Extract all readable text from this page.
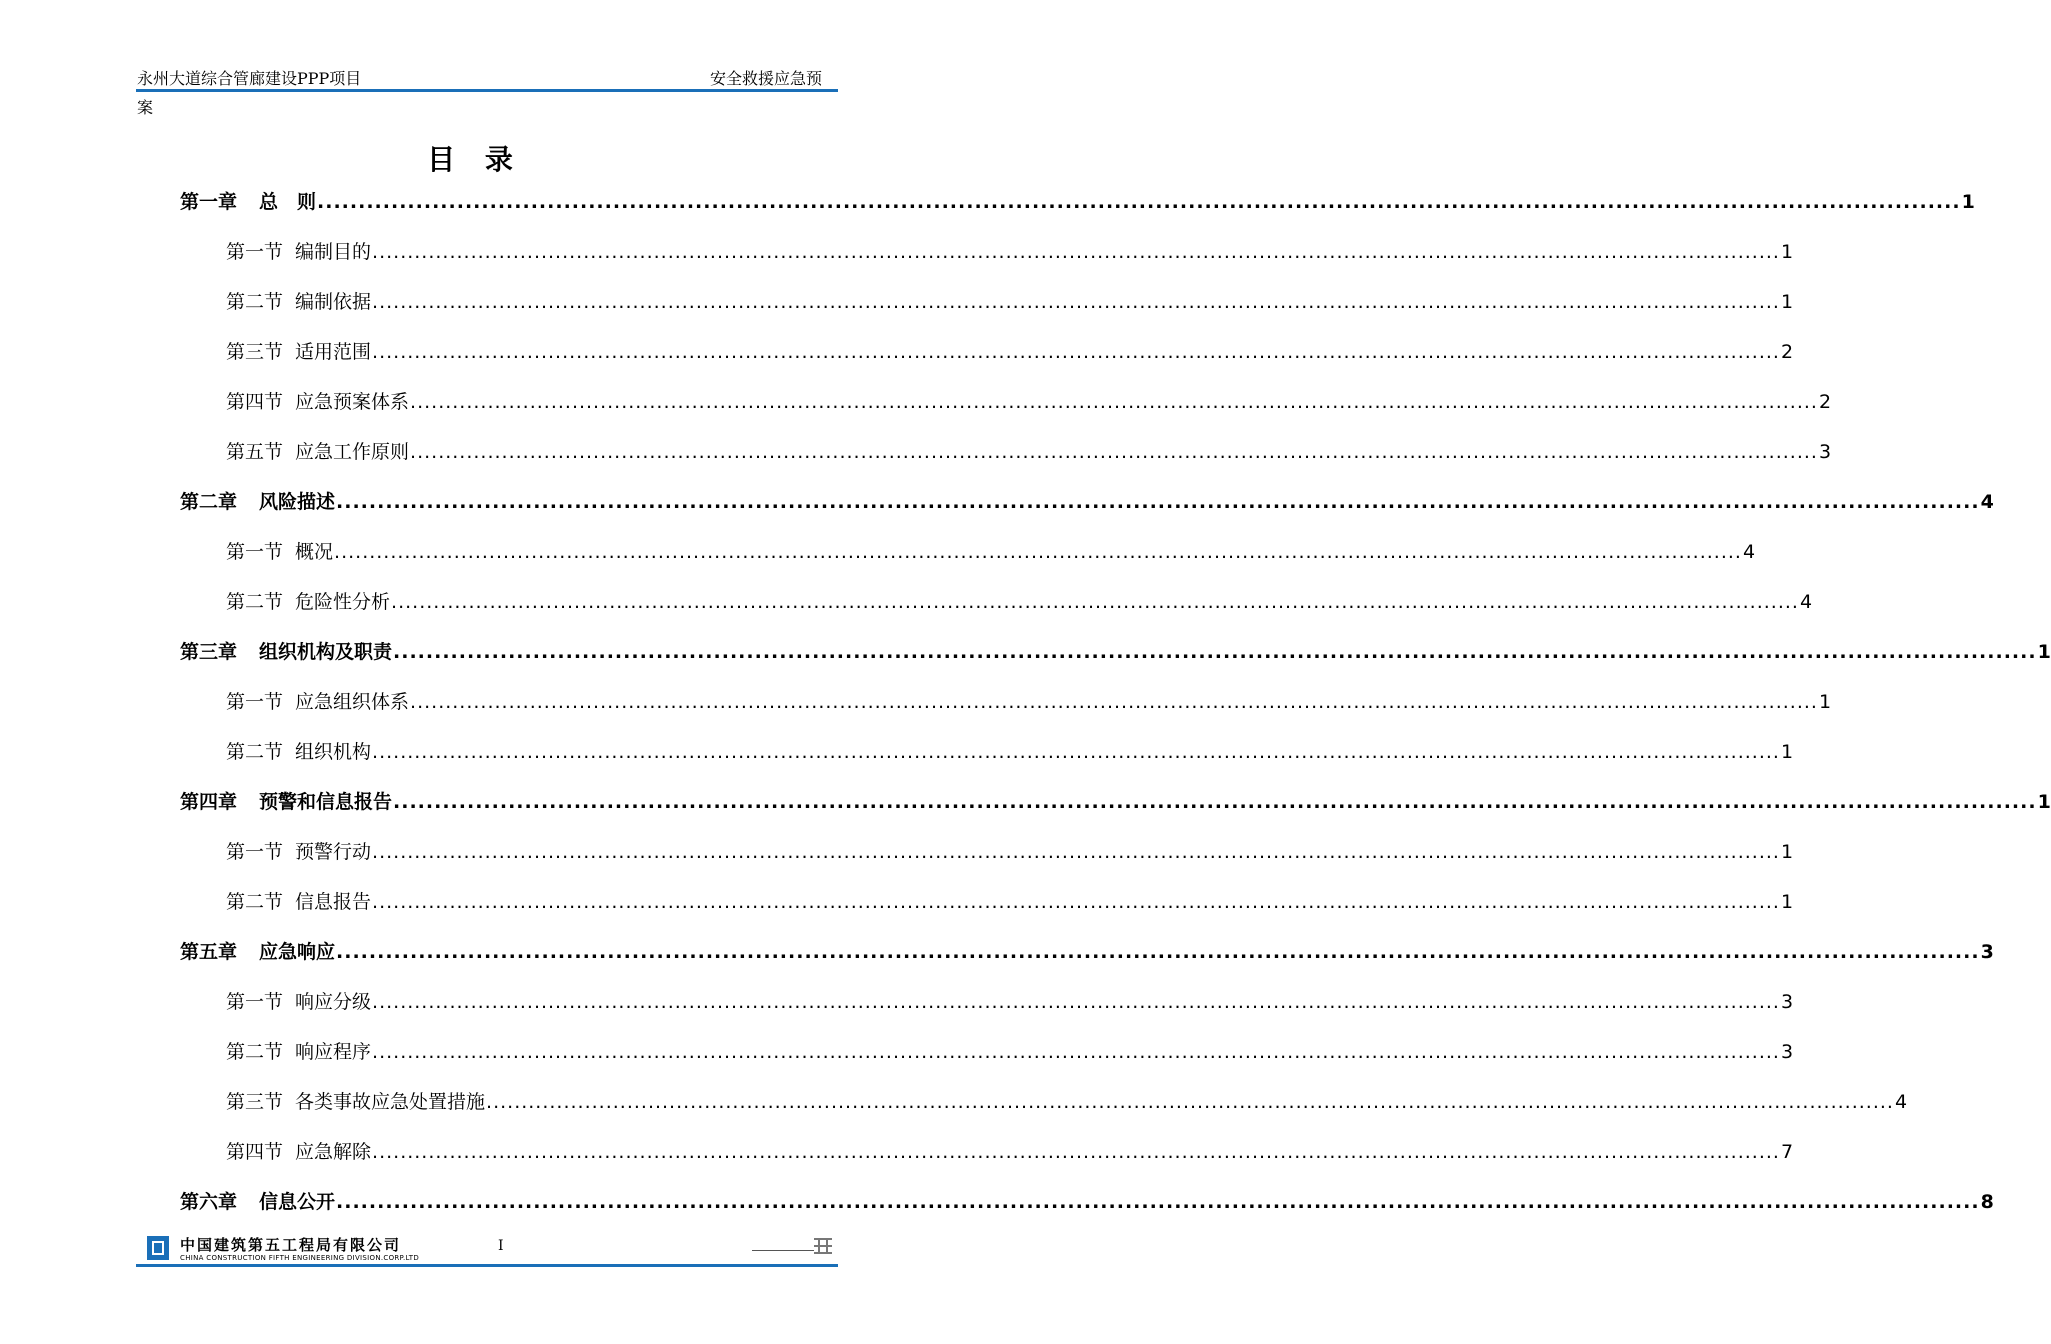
永州大道综合管廊建设PPP项目	安全救援应急预
案
目 录
第一章 总　则 ........................................................................................................................................................................................................ 1
第一节 编制目的 ........................................................................................................................................................................................................ 1
第二节 编制依据 ........................................................................................................................................................................................................ 1
第三节 适用范围 ........................................................................................................................................................................................................ 2
第四节 应急预案体系 ........................................................................................................................................................................................................ 2
第五节 应急工作原则 ........................................................................................................................................................................................................ 3
第二章 风险描述 ........................................................................................................................................................................................................ 4
第一节 概况 ........................................................................................................................................................................................................ 4
第二节 危险性分析 ........................................................................................................................................................................................................ 4
第三章 组织机构及职责 ........................................................................................................................................................................................................ 1
第一节 应急组织体系 ........................................................................................................................................................................................................ 1
第二节 组织机构 ........................................................................................................................................................................................................ 1
第四章 预警和信息报告 ........................................................................................................................................................................................................ 1
第一节 预警行动 ........................................................................................................................................................................................................ 1
第二节 信息报告 ........................................................................................................................................................................................................ 1
第五章 应急响应 ........................................................................................................................................................................................................ 3
第一节 响应分级 ........................................................................................................................................................................................................ 3
第二节 响应程序 ........................................................................................................................................................................................................ 3
第三节 各类事故应急处置措施 ........................................................................................................................................................................................................ 4
第四节 应急解除 ........................................................................................................................................................................................................ 7
第六章 信息公开 ........................................................................................................................................................................................................ 8
中国建筑第五工程局有限公司
CHINA CONSTRUCTION FIFTH ENGINEERING DIVISION.CORP.LTD
I
